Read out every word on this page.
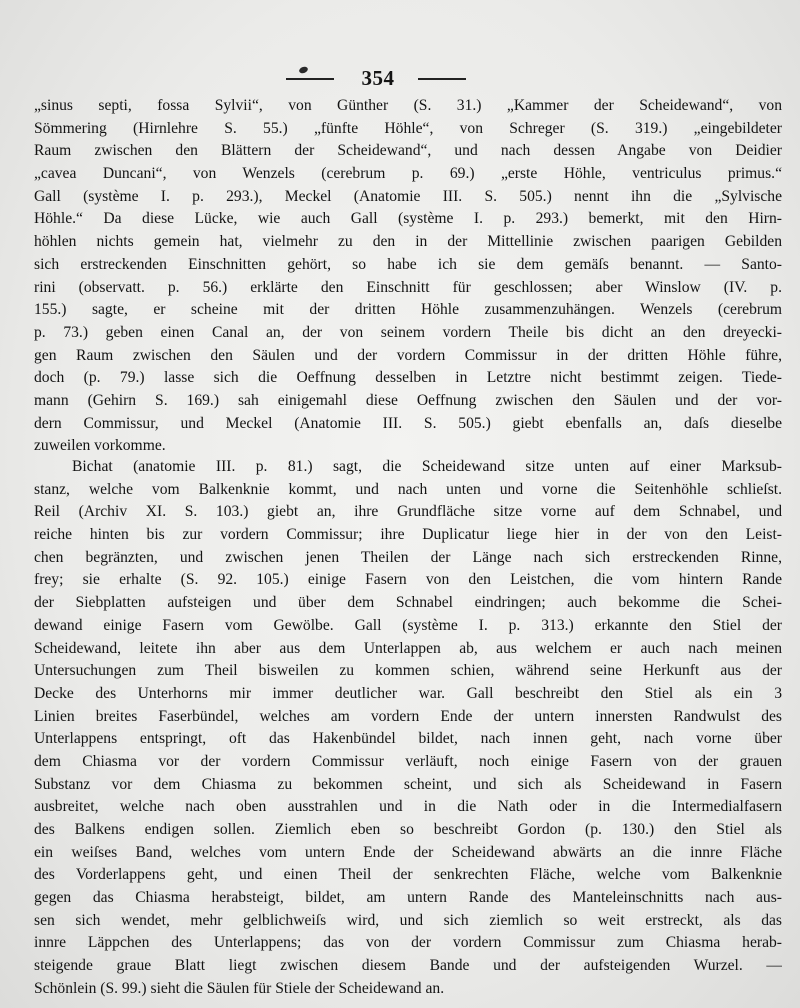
354
„sinus septi, fossa Sylvii“, von Günther (S. 31.) „Kammer der Scheidewand“, von
Sömmering (Hirnlehre S. 55.) „fünfte Höhle“, von Schreger (S. 319.) „eingebildeter
Raum zwischen den Blättern der Scheidewand“, und nach dessen Angabe von Deidier
„cavea Duncani“, von Wenzels (cerebrum p. 69.) „erste Höhle, ventriculus primus.“
Gall (système I. p. 293.), Meckel (Anatomie III. S. 505.) nennt ihn die „Sylvische
Höhle.“ Da diese Lücke, wie auch Gall (système I. p. 293.) bemerkt, mit den Hirn-
höhlen nichts gemein hat, vielmehr zu den in der Mittellinie zwischen paarigen Gebilden
sich erstreckenden Einschnitten gehört, so habe ich sie dem gemäſs benannt. — Santo-
rini (observatt. p. 56.) erklärte den Einschnitt für geschlossen; aber Winslow (IV. p.
155.) sagte, er scheine mit der dritten Höhle zusammenzuhängen. Wenzels (cerebrum
p. 73.) geben einen Canal an, der von seinem vordern Theile bis dicht an den dreyecki-
gen Raum zwischen den Säulen und der vordern Commissur in der dritten Höhle führe,
doch (p. 79.) lasse sich die Oeffnung desselben in Letztre nicht bestimmt zeigen. Tiede-
mann (Gehirn S. 169.) sah einigemahl diese Oeffnung zwischen den Säulen und der vor-
dern Commissur, und Meckel (Anatomie III. S. 505.) giebt ebenfalls an, daſs dieselbe
zuweilen vorkomme.
Bichat (anatomie III. p. 81.) sagt, die Scheidewand sitze unten auf einer Marksub-
stanz, welche vom Balkenknie kommt, und nach unten und vorne die Seitenhöhle schlieſst.
Reil (Archiv XI. S. 103.) giebt an, ihre Grundfläche sitze vorne auf dem Schnabel, und
reiche hinten bis zur vordern Commissur; ihre Duplicatur liege hier in der von den Leist-
chen begränzten, und zwischen jenen Theilen der Länge nach sich erstreckenden Rinne,
frey; sie erhalte (S. 92. 105.) einige Fasern von den Leistchen, die vom hintern Rande
der Siebplatten aufsteigen und über dem Schnabel eindringen; auch bekomme die Schei-
dewand einige Fasern vom Gewölbe. Gall (système I. p. 313.) erkannte den Stiel der
Scheidewand, leitete ihn aber aus dem Unterlappen ab, aus welchem er auch nach meinen
Untersuchungen zum Theil bisweilen zu kommen schien, während seine Herkunft aus der
Decke des Unterhorns mir immer deutlicher war. Gall beschreibt den Stiel als ein 3
Linien breites Faserbündel, welches am vordern Ende der untern innersten Randwulst des
Unterlappens entspringt, oft das Hakenbündel bildet, nach innen geht, nach vorne über
dem Chiasma vor der vordern Commissur verläuft, noch einige Fasern von der grauen
Substanz vor dem Chiasma zu bekommen scheint, und sich als Scheidewand in Fasern
ausbreitet, welche nach oben ausstrahlen und in die Nath oder in die Intermedialfasern
des Balkens endigen sollen. Ziemlich eben so beschreibt Gordon (p. 130.) den Stiel als
ein weiſses Band, welches vom untern Ende der Scheidewand abwärts an die innre Fläche
des Vorderlappens geht, und einen Theil der senkrechten Fläche, welche vom Balkenknie
gegen das Chiasma herabsteigt, bildet, am untern Rande des Manteleinschnitts nach aus-
sen sich wendet, mehr gelblichweiſs wird, und sich ziemlich so weit erstreckt, als das
innre Läppchen des Unterlappens; das von der vordern Commissur zum Chiasma herab-
steigende graue Blatt liegt zwischen diesem Bande und der aufsteigenden Wurzel. —
Schönlein (S. 99.) sieht die Säulen für Stiele der Scheidewand an.
